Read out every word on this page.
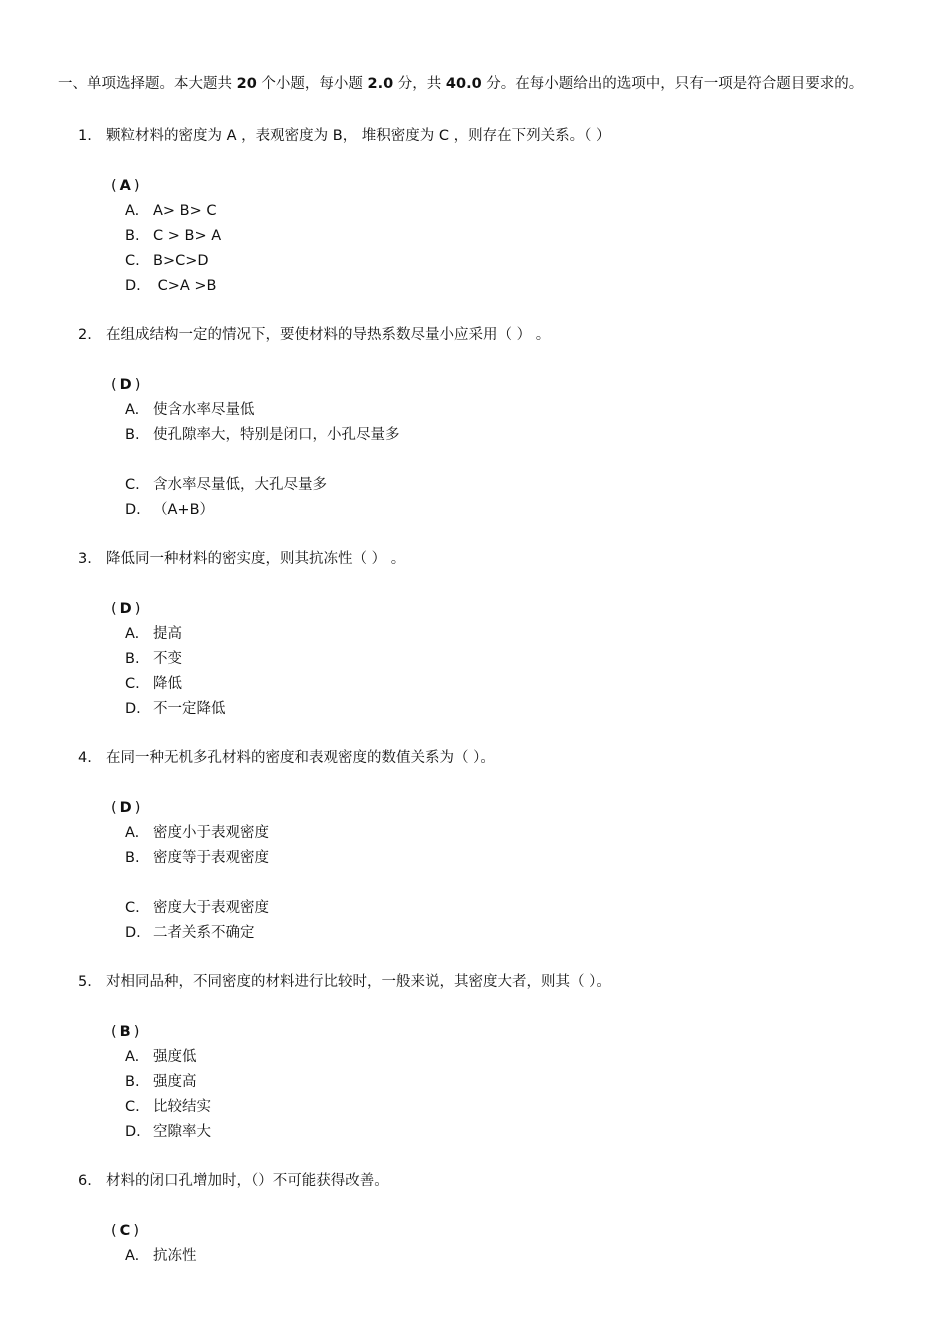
一、单项选择题。本大题共 20 个小题，每小题 2.0 分，共 40.0 分。在每小题给出的选项中，只有一项是符合题目要求的。
1. 颗粒材料的密度为 A ，表观密度为 B， 堆积密度为 C ，则存在下列关系。（ ）
( A )
A. A> B> C
B. C > B> A
C. B>C>D
D. C>A >B
2. 在组成结构一定的情况下，要使材料的导热系数尽量小应采用（ ） 。
( D )
A. 使含水率尽量低
B. 使孔隙率大，特别是闭口，小孔尽量多
C. 含水率尽量低，大孔尽量多
D. （A+B）
3. 降低同一种材料的密实度，则其抗冻性（ ） 。
( D )
A. 提高
B. 不变
C. 降低
D. 不一定降低
4. 在同一种无机多孔材料的密度和表观密度的数值关系为（ ）。
( D )
A. 密度小于表观密度
B. 密度等于表观密度
C. 密度大于表观密度
D. 二者关系不确定
5. 对相同品种，不同密度的材料进行比较时，一般来说，其密度大者，则其（ ）。
( B )
A. 强度低
B. 强度高
C. 比较结实
D. 空隙率大
6. 材料的闭口孔增加时，（）不可能获得改善。
( C )
A. 抗冻性
